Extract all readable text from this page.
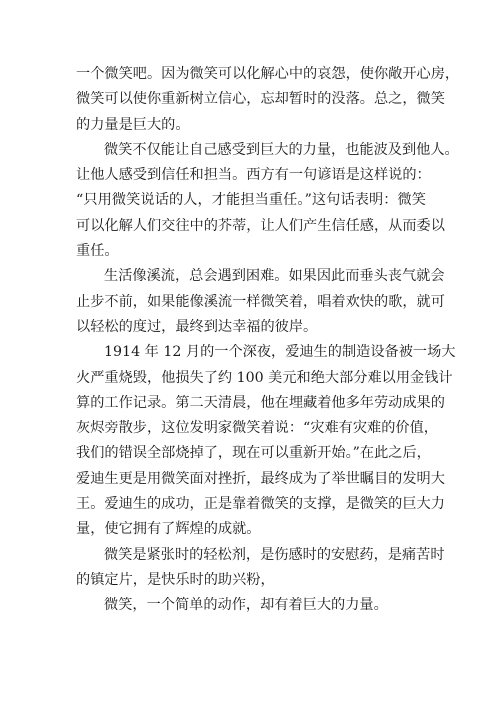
一个微笑吧。因为微笑可以化解心中的哀怨，使你敞开心房，
微笑可以使你重新树立信心，忘却暂时的没落。总之，微笑
的力量是巨大的。
微笑不仅能让自己感受到巨大的力量，也能波及到他人。
让他人感受到信任和担当。西方有一句谚语是这样说的：
“只用微笑说话的人，才能担当重任。”这句话表明：微笑
可以化解人们交往中的芥蒂，让人们产生信任感，从而委以
重任。
生活像溪流，总会遇到困难。如果因此而垂头丧气就会
止步不前，如果能像溪流一样微笑着，唱着欢快的歌，就可
以轻松的度过，最终到达幸福的彼岸。
1914 年 12 月的一个深夜，爱迪生的制造设备被一场大
火严重烧毁，他损失了约 100 美元和绝大部分难以用金钱计
算的工作记录。第二天清晨，他在埋藏着他多年劳动成果的
灰烬旁散步，这位发明家微笑着说：“灾难有灾难的价值，
我们的错误全部烧掉了，现在可以重新开始。”在此之后，
爱迪生更是用微笑面对挫折，最终成为了举世瞩目的发明大
王。爱迪生的成功，正是靠着微笑的支撑，是微笑的巨大力
量，使它拥有了辉煌的成就。
微笑是紧张时的轻松剂，是伤感时的安慰药，是痛苦时
的镇定片，是快乐时的助兴粉，
微笑，一个简单的动作，却有着巨大的力量。
